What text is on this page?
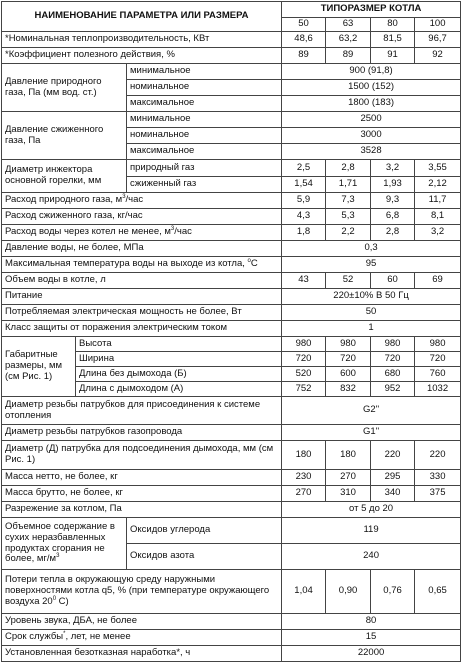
НАИМЕНОВАНИЕ ПАРАМЕТРА ИЛИ РАЗМЕРА			ТИПОРАЗМЕР КОТЛА			
			50	63	80	100
*Номинальная теплопроизводительность, КВт			48,6	63,2	81,5	96,7
*Коэффициент полезного действия, %			89	89	91	92
Давление природного газа, Па (мм вод. ст.)		минимальное	900 (91,8)			
		номинальное	1500 (152)			
		максимальное	1800 (183)			
Давление сжиженного газа, Па		минимальное	2500			
		номинальное	3000			
		максимальное	3528			
Диаметр инжектора основной горелки, мм		природный газ	2,5	2,8	3,2	3,55
		сжиженный газ	1,54	1,71	1,93	2,12
Расход природного газа, $м^3$/час			5,9	7,3	9,3	11,7
Расход сжиженного газа, кг/час			4,3	5,3	6,8	8,1
Расход воды через котел не менее, $м^3$/час			1,8	2,2	2,8	3,2
Давление воды, не более, МПа			0,3			
Максимальная температура воды на выходе из котла, $^о$С			95			
Объем воды в котле, л			43	52	60	69
Питание			220±10% В 50 Гц			
Потребляемая электрическая мощность не более, Вт			50			
Класс защиты от поражения электрическим током			1			
Габаритные размеры, мм (см Рис. 1)	Высота		980	980	980	980
	Ширина		720	720	720	720
	Длина без дымохода (Б)		520	600	680	760
	Длина с дымоходом (А)		752	832	952	1032
Диаметр резьбы патрубков для присоединения к системе отопления			G2"			
Диаметр резьбы патрубков газопровода			G1"			
Диаметр (Д) патрубка для подсоединения дымохода, мм (см Рис. 1)			180	180	220	220
Масса нетто, не более, кг			230	270	295	330
Масса брутто, не более, кг			270	310	340	375
Разрежение за котлом, Па			от 5 до 20			
Объемное содержание в сухих неразбавленных продуктах сгорания не более, $мг/м^3$		Оксидов углерода	119			
		Оксидов азота	240			
Потери тепла в окружающую среду наружными поверхностями котла q5, % (при температуре окружающего воздуха $20^0$ С)			1,04	0,90	0,76	0,65
Уровень звука, ДБА, не более			80			
Срок службы*, лет, не менее			15			
Установленная безотказная наработка*, ч			22000			
